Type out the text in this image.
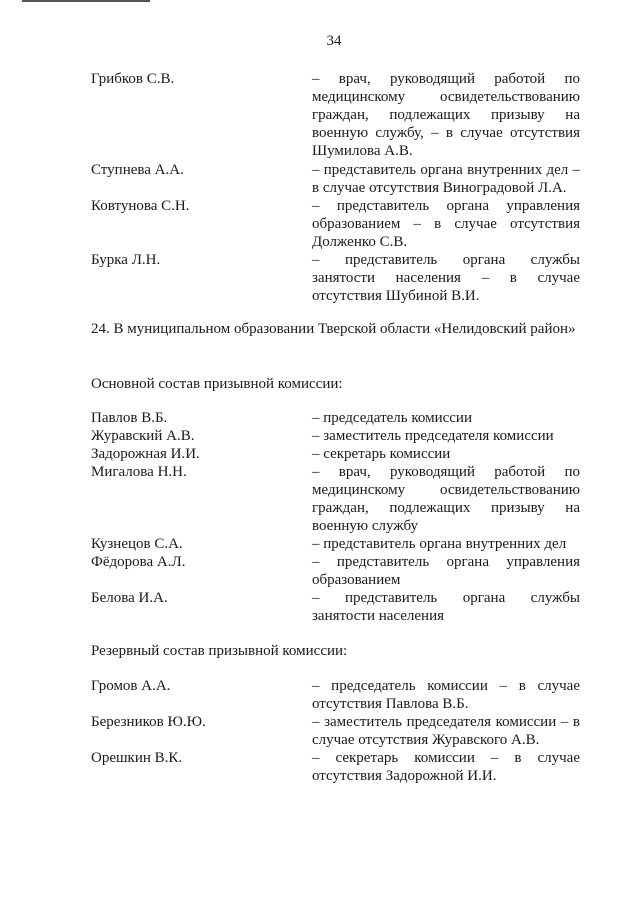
34
Грибков С.В.	– врач, руководящий работой по медицинскому освидетельствованию граждан, подлежащих призыву на военную службу, – в случае отсутствия Шумилова А.В.
Ступнева А.А.	– представитель органа внутренних дел – в случае отсутствия Виноградовой Л.А.
Ковтунова С.Н.	– представитель органа управления образованием – в случае отсутствия Долженко С.В.
Бурка Л.Н.	– представитель органа службы занятости населения – в случае отсутствия Шубиной В.И.
24. В муниципальном образовании Тверской области «Нелидовский район»
Основной состав призывной комиссии:
Павлов В.Б.	– председатель комиссии
Журавский А.В.	– заместитель председателя комиссии
Задорожная И.И.	– секретарь комиссии
Мигалова Н.Н.	– врач, руководящий работой по медицинскому освидетельствованию граждан, подлежащих призыву на военную службу
Кузнецов С.А.	– представитель органа внутренних дел
Фёдорова А.Л.	– представитель органа управления образованием
Белова И.А.	– представитель органа службы занятости населения
Резервный состав призывной комиссии:
Громов А.А.	– председатель комиссии – в случае отсутствия Павлова В.Б.
Березников Ю.Ю.	– заместитель председателя комиссии – в случае отсутствия Журавского А.В.
Орешкин В.К.	– секретарь комиссии – в случае отсутствия Задорожной И.И.
